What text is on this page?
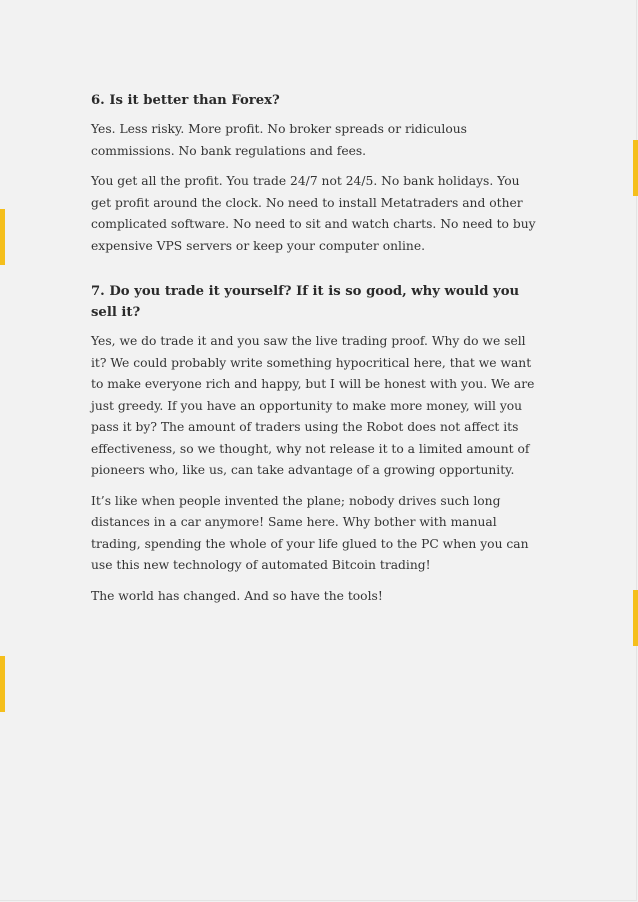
6. Is it better than Forex?

Yes. Less risky. More profit. No broker spreads or ridiculous commissions. No bank regulations and fees.

You get all the profit. You trade 24/7 not 24/5. No bank holidays. You get profit around the clock. No need to install Metatraders and other complicated software. No need to sit and watch charts. No need to buy expensive VPS servers or keep your computer online.

7. Do you trade it yourself? If it is so good, why would you sell it?

Yes, we do trade it and you saw the live trading proof. Why do we sell it? We could probably write something hypocritical here, that we want to make everyone rich and happy, but I will be honest with you. We are just greedy. If you have an opportunity to make more money, will you pass it by? The amount of traders using the Robot does not affect its effectiveness, so we thought, why not release it to a limited amount of pioneers who, like us, can take advantage of a growing opportunity.

It’s like when people invented the plane; nobody drives such long distances in a car anymore! Same here. Why bother with manual trading, spending the whole of your life glued to the PC when you can use this new technology of automated Bitcoin trading!

The world has changed. And so have the tools!
